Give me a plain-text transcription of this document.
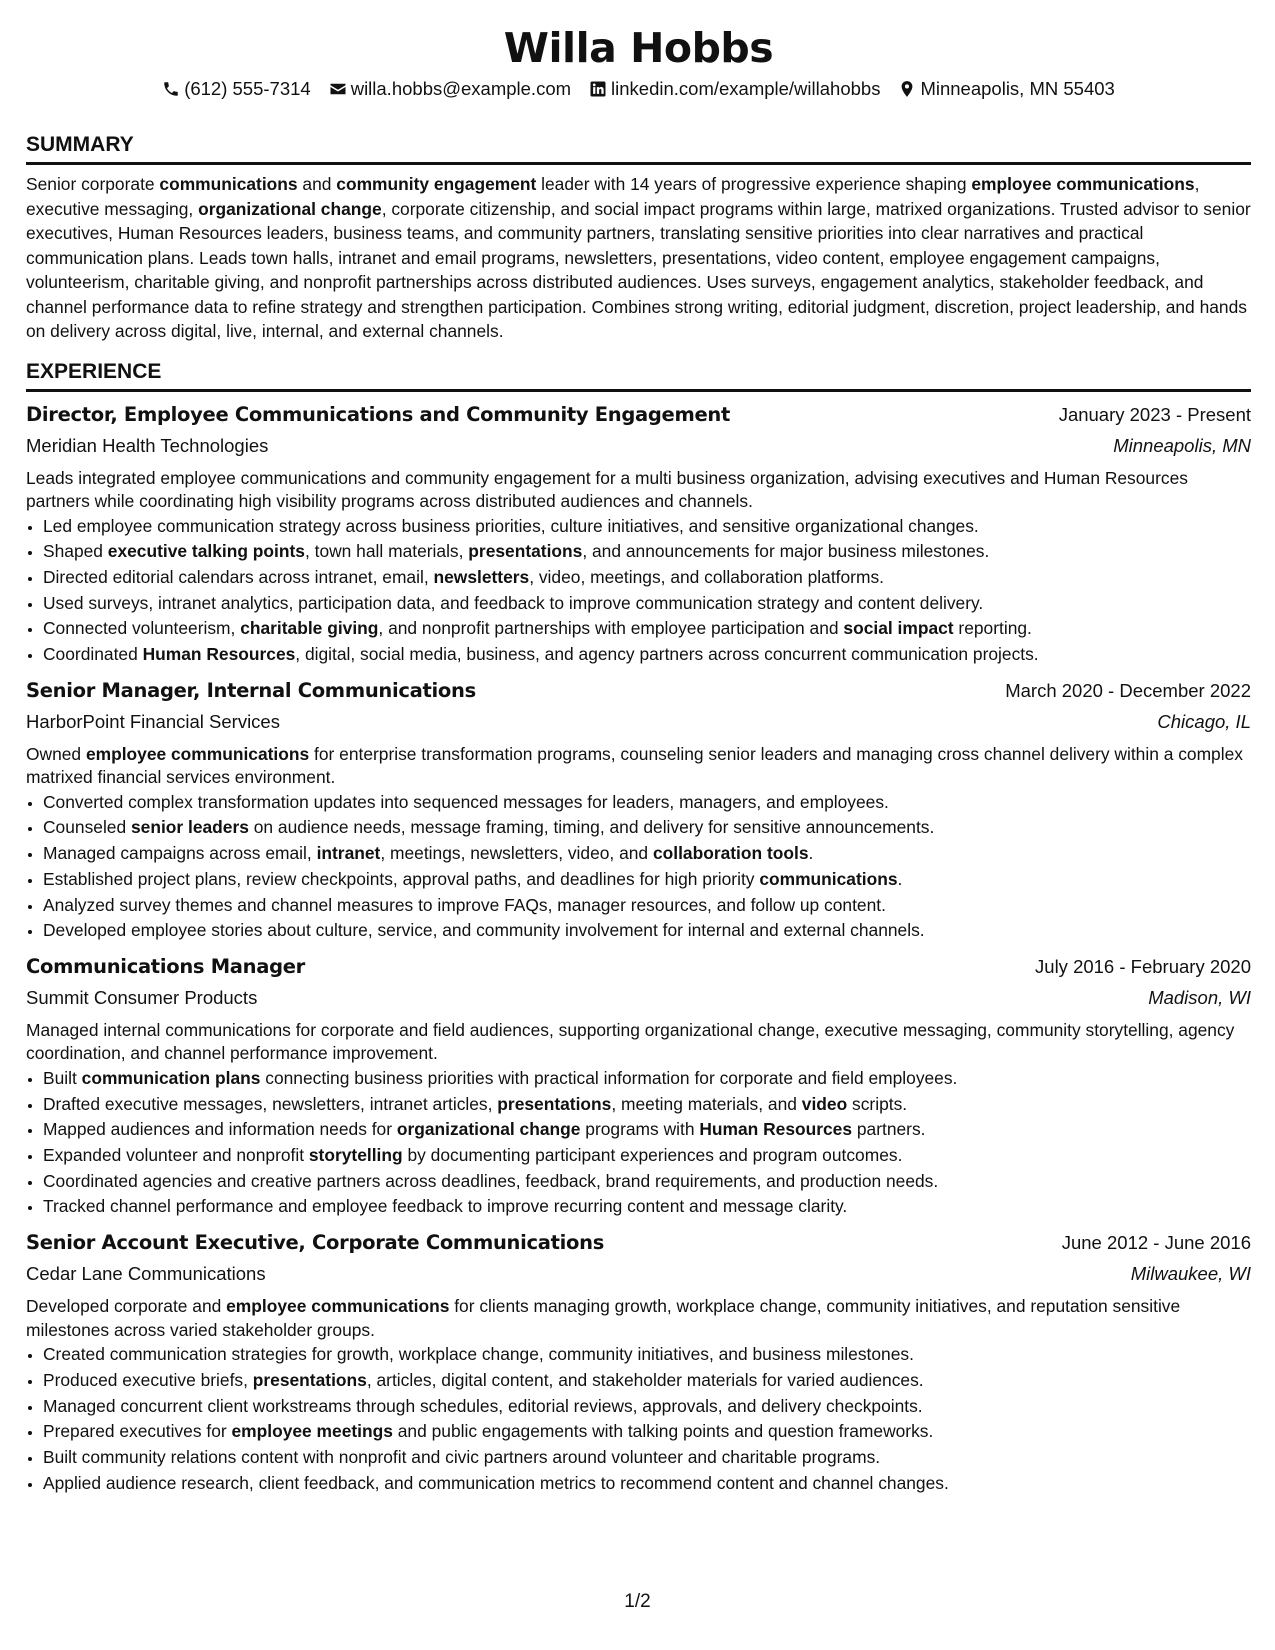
Willa Hobbs
(612) 555-7314 willa.hobbs@example.com linkedin.com/example/willahobbs Minneapolis, MN 55403
SUMMARY
Senior corporate communications and community engagement leader with 14 years of progressive experience shaping employee communications, executive messaging, organizational change, corporate citizenship, and social impact programs within large, matrixed organizations. Trusted advisor to senior executives, Human Resources leaders, business teams, and community partners, translating sensitive priorities into clear narratives and practical communication plans. Leads town halls, intranet and email programs, newsletters, presentations, video content, employee engagement campaigns, volunteerism, charitable giving, and nonprofit partnerships across distributed audiences. Uses surveys, engagement analytics, stakeholder feedback, and channel performance data to refine strategy and strengthen participation. Combines strong writing, editorial judgment, discretion, project leadership, and hands on delivery across digital, live, internal, and external channels.
EXPERIENCE
Director, Employee Communications and Community Engagement	January 2023 - Present
Meridian Health Technologies	Minneapolis, MN
Leads integrated employee communications and community engagement for a multi business organization, advising executives and Human Resources partners while coordinating high visibility programs across distributed audiences and channels.
• Led employee communication strategy across business priorities, culture initiatives, and sensitive organizational changes.
• Shaped executive talking points, town hall materials, presentations, and announcements for major business milestones.
• Directed editorial calendars across intranet, email, newsletters, video, meetings, and collaboration platforms.
• Used surveys, intranet analytics, participation data, and feedback to improve communication strategy and content delivery.
• Connected volunteerism, charitable giving, and nonprofit partnerships with employee participation and social impact reporting.
• Coordinated Human Resources, digital, social media, business, and agency partners across concurrent communication projects.
Senior Manager, Internal Communications	March 2020 - December 2022
HarborPoint Financial Services	Chicago, IL
Owned employee communications for enterprise transformation programs, counseling senior leaders and managing cross channel delivery within a complex matrixed financial services environment.
• Converted complex transformation updates into sequenced messages for leaders, managers, and employees.
• Counseled senior leaders on audience needs, message framing, timing, and delivery for sensitive announcements.
• Managed campaigns across email, intranet, meetings, newsletters, video, and collaboration tools.
• Established project plans, review checkpoints, approval paths, and deadlines for high priority communications.
• Analyzed survey themes and channel measures to improve FAQs, manager resources, and follow up content.
• Developed employee stories about culture, service, and community involvement for internal and external channels.
Communications Manager	July 2016 - February 2020
Summit Consumer Products	Madison, WI
Managed internal communications for corporate and field audiences, supporting organizational change, executive messaging, community storytelling, agency coordination, and channel performance improvement.
• Built communication plans connecting business priorities with practical information for corporate and field employees.
• Drafted executive messages, newsletters, intranet articles, presentations, meeting materials, and video scripts.
• Mapped audiences and information needs for organizational change programs with Human Resources partners.
• Expanded volunteer and nonprofit storytelling by documenting participant experiences and program outcomes.
• Coordinated agencies and creative partners across deadlines, feedback, brand requirements, and production needs.
• Tracked channel performance and employee feedback to improve recurring content and message clarity.
Senior Account Executive, Corporate Communications	June 2012 - June 2016
Cedar Lane Communications	Milwaukee, WI
Developed corporate and employee communications for clients managing growth, workplace change, community initiatives, and reputation sensitive milestones across varied stakeholder groups.
• Created communication strategies for growth, workplace change, community initiatives, and business milestones.
• Produced executive briefs, presentations, articles, digital content, and stakeholder materials for varied audiences.
• Managed concurrent client workstreams through schedules, editorial reviews, approvals, and delivery checkpoints.
• Prepared executives for employee meetings and public engagements with talking points and question frameworks.
• Built community relations content with nonprofit and civic partners around volunteer and charitable programs.
• Applied audience research, client feedback, and communication metrics to recommend content and channel changes.
1/2
